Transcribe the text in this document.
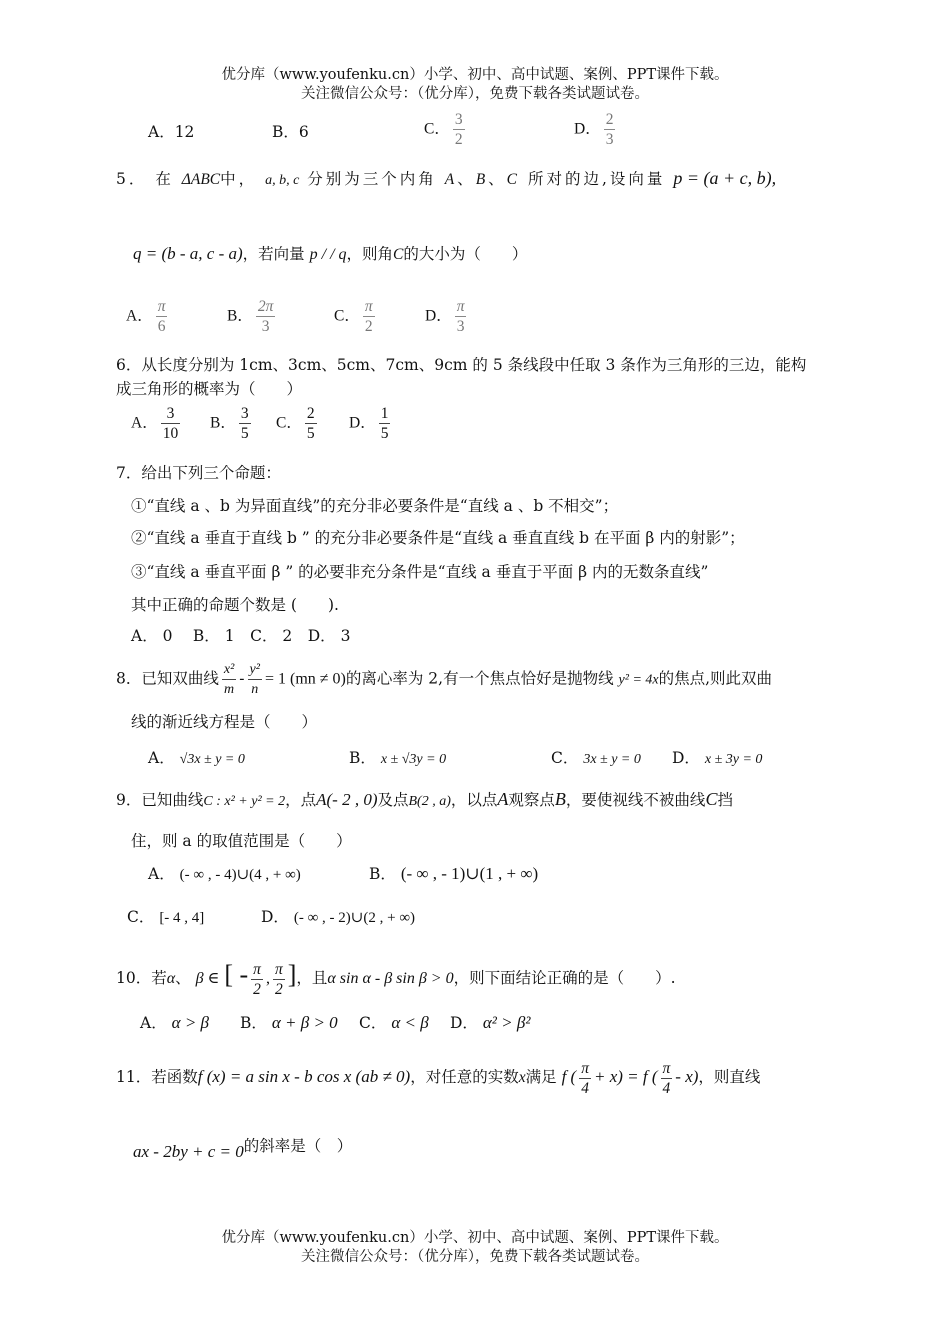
优分库（www.youfenku.cn）小学、初中、高中试题、案例、PPT课件下载。
关注微信公众号：（优分库），免费下载各类试题试卷。
A．12	B．6	C． $\frac{3}{2}$	D． $\frac{2}{3}$
5． 在 ΔABC中， a, b, c 分别为三个内角 A、B、C 所对的边,设向量 p = (a + c, b),
q = (b - a, c - a)，若向量 p / / q，则角C的大小为（　　）
A． $\frac{\pi}{6}$	B． $\frac{2\pi}{3}$	C． $\frac{\pi}{2}$	D． $\frac{\pi}{3}$
6．从长度分别为 1cm、3cm、5cm、7cm、9cm 的 5 条线段中任取 3 条作为三角形的三边，能构
成三角形的概率为（　　）
A． $\frac{3}{10}$ B． $\frac{3}{5}$ C． $\frac{2}{5}$ D． $\frac{1}{5}$
7．给出下列三个命题：
①“直线 a 、b 为异面直线”的充分非必要条件是“直线 a 、b 不相交”；
②“直线 a 垂直于直线 b ” 的充分非必要条件是“直线 a 垂直直线 b 在平面 β 内的射影”；
③“直线 a 垂直平面 β ” 的必要非充分条件是“直线 a 垂直于平面 β 内的无数条直线”
其中正确的命题个数是 (　　).
A． 0　 B． 1　C． 2　D． 3
8．已知双曲线 $\frac{\text{x²}}{m} - \frac{\text{y²}}{n} = 1$ (mn ≠ 0)的离心率为 2,有一个焦点恰好是抛物线 y² = 4x的焦点,则此双曲
线的渐近线方程是（　　）
A． √3x ± y = 0	B． x ± √3y = 0	C． 3x ± y = 0 D． x ± 3y = 0
9．已知曲线C : x² + y² = 2，点A(- 2 , 0)及点B(2 , a)，以点A观察点B，要使视线不被曲线C挡
住，则 a 的取值范围是（　　）
A． (- ∞ , - 4)∪(4 , + ∞)	B． (- ∞ , - 1)∪(1 , + ∞)
C． [- 4 , 4]	D． (- ∞ , - 2)∪(2 , + ∞)
10．若α、 β ∈ [ - $\frac{\pi}{2}$ , $\frac{\pi}{2}$ ]，且α sin α - β sin β > 0，则下面结论正确的是（　　）.
A． α > β B． α + β > 0 C． α < β D． α² > β²
11．若函数f (x) = a sin x - b cos x (ab ≠ 0)，对任意的实数x满足 f ( $\frac{\pi}{4} + x) = f$ ( $\frac{\pi}{4} - x$)，则直线
ax - 2by + c = 0的斜率是（　）
优分库（www.youfenku.cn）小学、初中、高中试题、案例、PPT课件下载。
关注微信公众号：（优分库），免费下载各类试题试卷。
